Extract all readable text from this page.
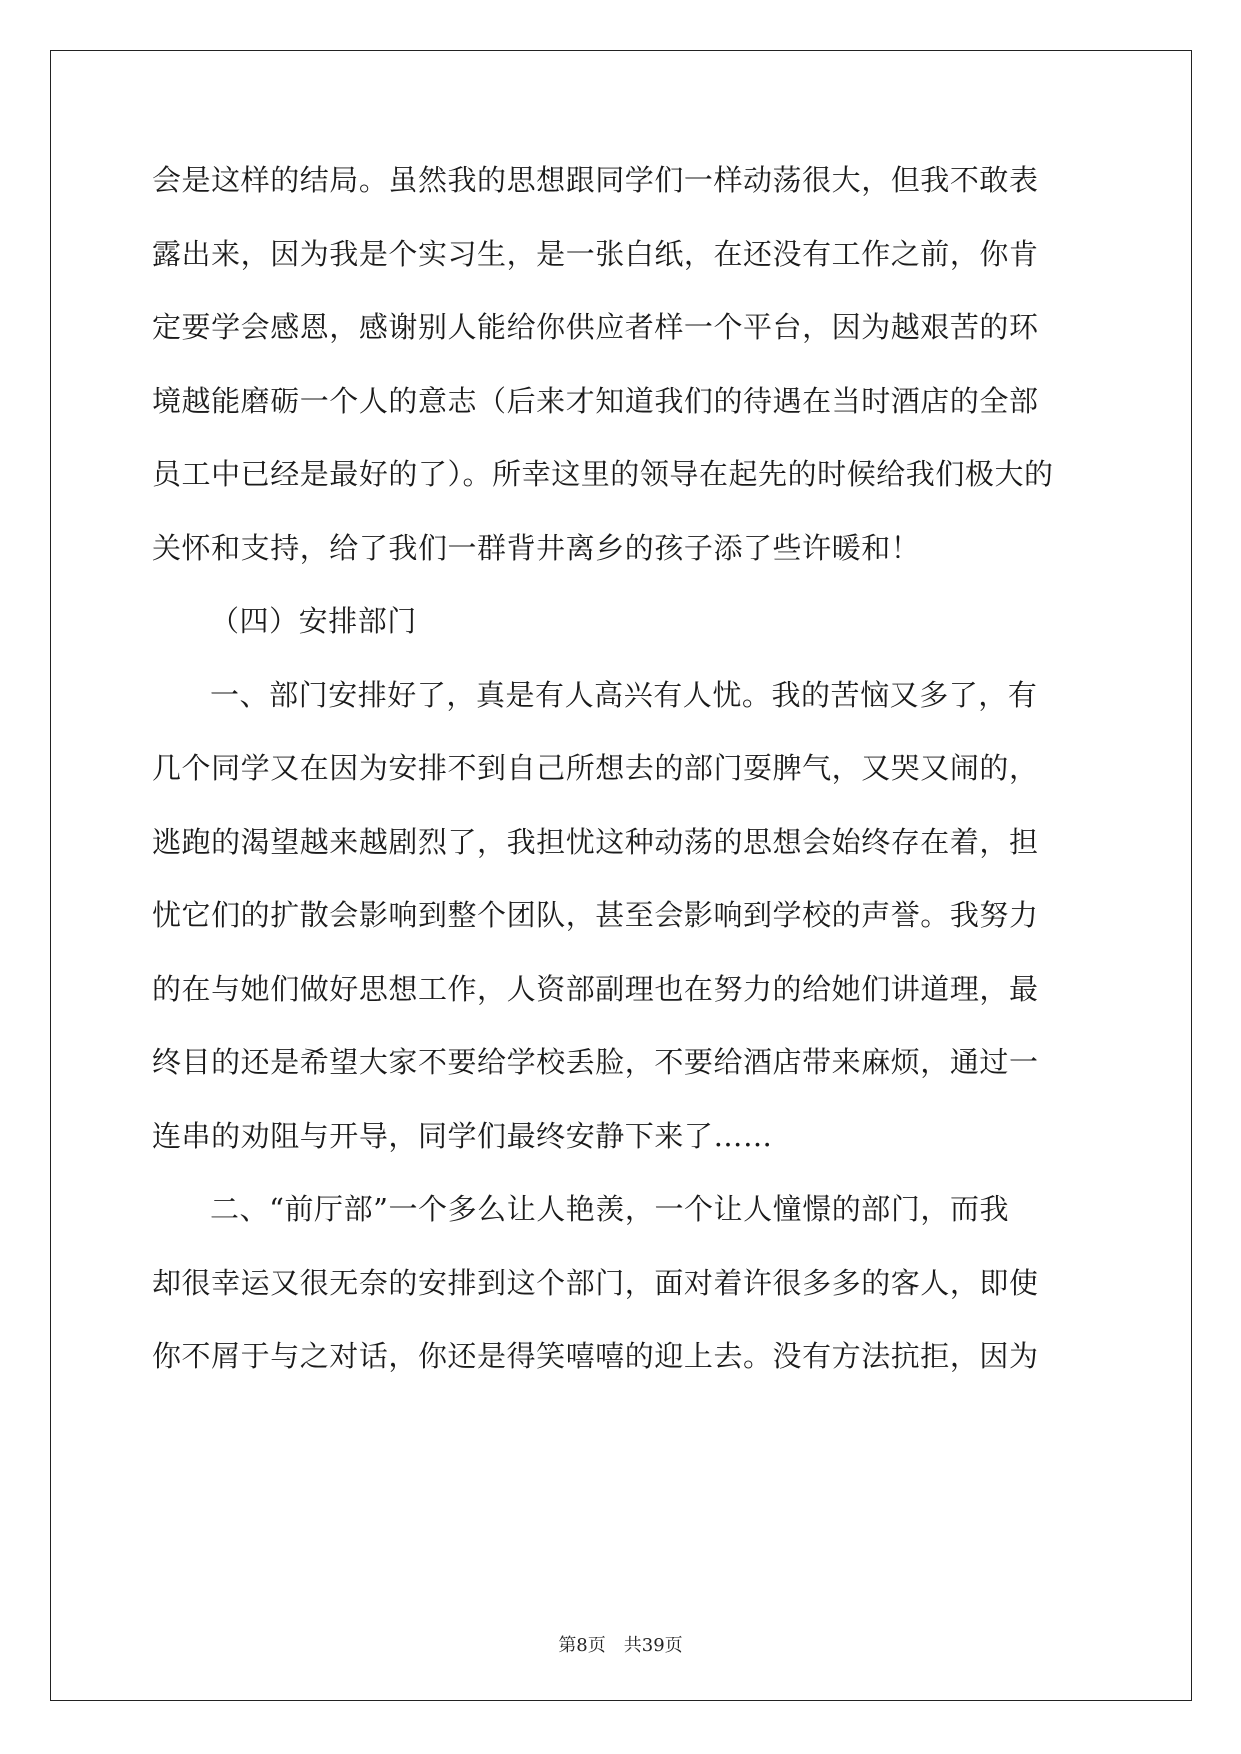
会是这样的结局。虽然我的思想跟同学们一样动荡很大，但我不敢表
露出来，因为我是个实习生，是一张白纸，在还没有工作之前，你肯
定要学会感恩，感谢别人能给你供应者样一个平台，因为越艰苦的环
境越能磨砺一个人的意志（后来才知道我们的待遇在当时酒店的全部
员工中已经是最好的了）。所幸这里的领导在起先的时候给我们极大的
关怀和支持，给了我们一群背井离乡的孩子添了些许暖和！
（四）安排部门
一、部门安排好了，真是有人高兴有人忧。我的苦恼又多了，有
几个同学又在因为安排不到自己所想去的部门耍脾气，又哭又闹的，
逃跑的渴望越来越剧烈了，我担忧这种动荡的思想会始终存在着，担
忧它们的扩散会影响到整个团队，甚至会影响到学校的声誉。我努力
的在与她们做好思想工作，人资部副理也在努力的给她们讲道理，最
终目的还是希望大家不要给学校丢脸，不要给酒店带来麻烦，通过一
连串的劝阻与开导，同学们最终安静下来了……
二、“前厅部”一个多么让人艳羡，一个让人憧憬的部门，而我
却很幸运又很无奈的安排到这个部门，面对着许很多多的客人，即使
你不屑于与之对话，你还是得笑嘻嘻的迎上去。没有方法抗拒，因为
第8页 共39页
